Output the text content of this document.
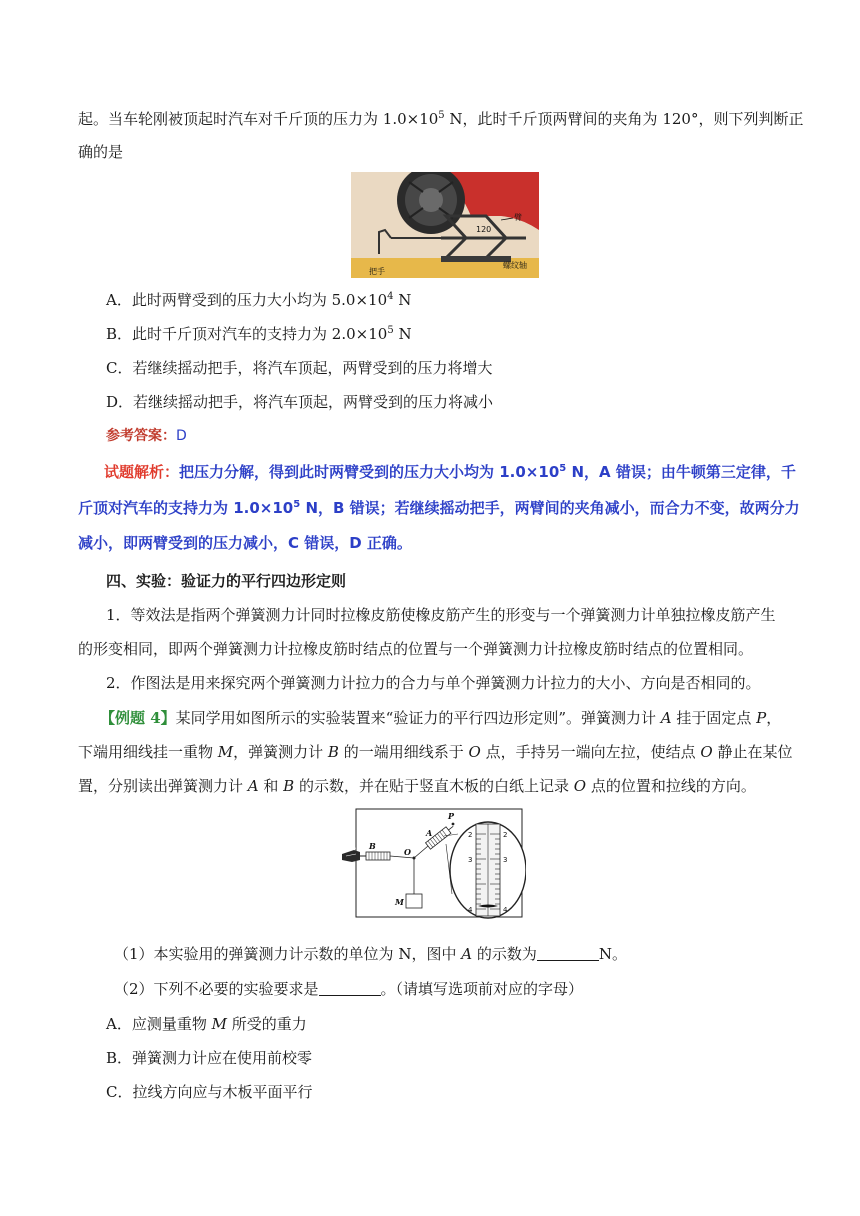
起。当车轮刚被顶起时汽车对千斤顶的压力为 $1.0\times 10^5$ N，此时千斤顶两臂间的夹角为 120°，则下列判断正
确的是
120
臂
把手
螺纹轴
A．此时两臂受到的压力大小均为 $5.0\times 10^4$ N
B．此时千斤顶对汽车的支持力为 $2.0\times 10^5$ N
C．若继续摇动把手，将汽车顶起，两臂受到的压力将增大
D．若继续摇动把手，将汽车顶起，两臂受到的压力将减小
参考答案：D
试题解析：把压力分解，得到此时两臂受到的压力大小均为 $1.0\times 10^5$ N，A 错误；由牛顿第三定律，千
斤顶对汽车的支持力为 $1.0\times 10^5$ N，B 错误；若继续摇动把手，两臂间的夹角减小，而合力不变，故两分力
减小，即两臂受到的压力减小，C 错误，D 正确。
四、实验：验证力的平行四边形定则
1．等效法是指两个弹簧测力计同时拉橡皮筋使橡皮筋产生的形变与一个弹簧测力计单独拉橡皮筋产生
的形变相同，即两个弹簧测力计拉橡皮筋时结点的位置与一个弹簧测力计拉橡皮筋时结点的位置相同。
2．作图法是用来探究两个弹簧测力计拉力的合力与单个弹簧测力计拉力的大小、方向是否相同的。
【例题 4】某同学用如图所示的实验装置来“验证力的平行四边形定则”。弹簧测力计 A 挂于固定点 P，
下端用细线挂一重物 M，弹簧测力计 B 的一端用细线系于 O 点，手持另一端向左拉，使结点 O 静止在某位
置，分别读出弹簧测力计 A 和 B 的示数，并在贴于竖直木板的白纸上记录 O 点的位置和拉线的方向。
B
O
A
P
M
2
3
4
2
3
4
（1）本实验用的弹簧测力计示数的单位为 N，图中 A 的示数为	N。
（2）下列不必要的实验要求是	。（请填写选项前对应的字母）
A．应测量重物 M 所受的重力
B．弹簧测力计应在使用前校零
C．拉线方向应与木板平面平行
